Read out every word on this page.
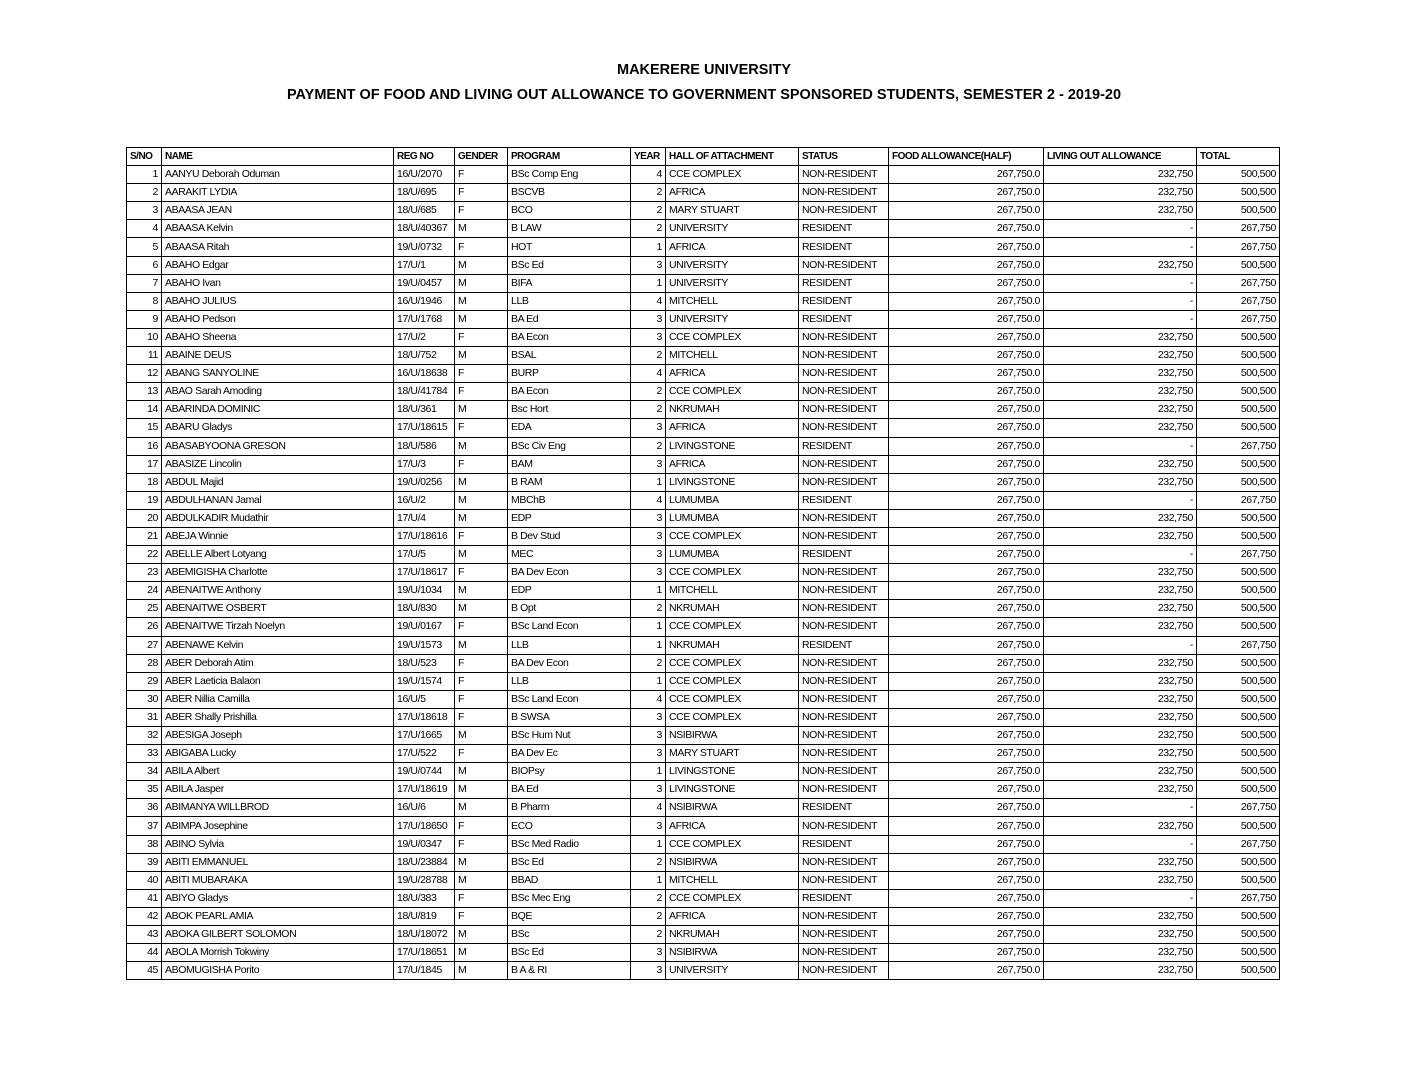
MAKERERE UNIVERSITY
PAYMENT OF FOOD AND LIVING OUT ALLOWANCE TO GOVERNMENT SPONSORED STUDENTS, SEMESTER 2 - 2019-20
S/NO	NAME	REG NO	GENDER	PROGRAM	YEAR	HALL OF ATTACHMENT	STATUS	FOOD ALLOWANCE(HALF)	LIVING OUT ALLOWANCE	TOTAL
1	AANYU Deborah Oduman	16/U/2070	F	BSc Comp Eng	4	CCE COMPLEX	NON-RESIDENT	267,750.0	232,750	500,500
2	AARAKIT LYDIA	18/U/695	F	BSCVB	2	AFRICA	NON-RESIDENT	267,750.0	232,750	500,500
3	ABAASA JEAN	18/U/685	F	BCO	2	MARY STUART	NON-RESIDENT	267,750.0	232,750	500,500
4	ABAASA Kelvin	18/U/40367	M	B LAW	2	UNIVERSITY	RESIDENT	267,750.0	-	267,750
5	ABAASA Ritah	19/U/0732	F	HOT	1	AFRICA	RESIDENT	267,750.0	-	267,750
6	ABAHO Edgar	17/U/1	M	BSc Ed	3	UNIVERSITY	NON-RESIDENT	267,750.0	232,750	500,500
7	ABAHO Ivan	19/U/0457	M	BIFA	1	UNIVERSITY	RESIDENT	267,750.0	-	267,750
8	ABAHO JULIUS	16/U/1946	M	LLB	4	MITCHELL	RESIDENT	267,750.0	-	267,750
9	ABAHO Pedson	17/U/1768	M	BA Ed	3	UNIVERSITY	RESIDENT	267,750.0	-	267,750
10	ABAHO Sheena	17/U/2	F	BA Econ	3	CCE COMPLEX	NON-RESIDENT	267,750.0	232,750	500,500
11	ABAINE DEUS	18/U/752	M	BSAL	2	MITCHELL	NON-RESIDENT	267,750.0	232,750	500,500
12	ABANG SANYOLINE	16/U/18638	F	BURP	4	AFRICA	NON-RESIDENT	267,750.0	232,750	500,500
13	ABAO Sarah Amoding	18/U/41784	F	BA Econ	2	CCE COMPLEX	NON-RESIDENT	267,750.0	232,750	500,500
14	ABARINDA DOMINIC	18/U/361	M	Bsc Hort	2	NKRUMAH	NON-RESIDENT	267,750.0	232,750	500,500
15	ABARU Gladys	17/U/18615	F	EDA	3	AFRICA	NON-RESIDENT	267,750.0	232,750	500,500
16	ABASABYOONA GRESON	18/U/586	M	BSc Civ Eng	2	LIVINGSTONE	RESIDENT	267,750.0	-	267,750
17	ABASIZE Lincolin	17/U/3	F	BAM	3	AFRICA	NON-RESIDENT	267,750.0	232,750	500,500
18	ABDUL Majid	19/U/0256	M	B RAM	1	LIVINGSTONE	NON-RESIDENT	267,750.0	232,750	500,500
19	ABDULHANAN Jamal	16/U/2	M	MBChB	4	LUMUMBA	RESIDENT	267,750.0	-	267,750
20	ABDULKADIR Mudathir	17/U/4	M	EDP	3	LUMUMBA	NON-RESIDENT	267,750.0	232,750	500,500
21	ABEJA Winnie	17/U/18616	F	B Dev Stud	3	CCE COMPLEX	NON-RESIDENT	267,750.0	232,750	500,500
22	ABELLE Albert Lotyang	17/U/5	M	MEC	3	LUMUMBA	RESIDENT	267,750.0	-	267,750
23	ABEMIGISHA Charlotte	17/U/18617	F	BA Dev Econ	3	CCE COMPLEX	NON-RESIDENT	267,750.0	232,750	500,500
24	ABENAITWE Anthony	19/U/1034	M	EDP	1	MITCHELL	NON-RESIDENT	267,750.0	232,750	500,500
25	ABENAITWE OSBERT	18/U/830	M	B Opt	2	NKRUMAH	NON-RESIDENT	267,750.0	232,750	500,500
26	ABENAITWE Tirzah Noelyn	19/U/0167	F	BSc Land Econ	1	CCE COMPLEX	NON-RESIDENT	267,750.0	232,750	500,500
27	ABENAWE Kelvin	19/U/1573	M	LLB	1	NKRUMAH	RESIDENT	267,750.0	-	267,750
28	ABER Deborah Atim	18/U/523	F	BA Dev Econ	2	CCE COMPLEX	NON-RESIDENT	267,750.0	232,750	500,500
29	ABER Laeticia Balaon	19/U/1574	F	LLB	1	CCE COMPLEX	NON-RESIDENT	267,750.0	232,750	500,500
30	ABER Nillia Camilla	16/U/5	F	BSc Land Econ	4	CCE COMPLEX	NON-RESIDENT	267,750.0	232,750	500,500
31	ABER Shally Prishilla	17/U/18618	F	B SWSA	3	CCE COMPLEX	NON-RESIDENT	267,750.0	232,750	500,500
32	ABESIGA Joseph	17/U/1665	M	BSc Hum Nut	3	NSIBIRWA	NON-RESIDENT	267,750.0	232,750	500,500
33	ABIGABA Lucky	17/U/522	F	BA Dev Ec	3	MARY STUART	NON-RESIDENT	267,750.0	232,750	500,500
34	ABILA Albert	19/U/0744	M	BIOPsy	1	LIVINGSTONE	NON-RESIDENT	267,750.0	232,750	500,500
35	ABILA Jasper	17/U/18619	M	BA Ed	3	LIVINGSTONE	NON-RESIDENT	267,750.0	232,750	500,500
36	ABIMANYA WILLBROD	16/U/6	M	B Pharm	4	NSIBIRWA	RESIDENT	267,750.0	-	267,750
37	ABIMPA Josephine	17/U/18650	F	ECO	3	AFRICA	NON-RESIDENT	267,750.0	232,750	500,500
38	ABINO Sylvia	19/U/0347	F	BSc Med Radio	1	CCE COMPLEX	RESIDENT	267,750.0	-	267,750
39	ABITI EMMANUEL	18/U/23884	M	BSc Ed	2	NSIBIRWA	NON-RESIDENT	267,750.0	232,750	500,500
40	ABITI MUBARAKA	19/U/28788	M	BBAD	1	MITCHELL	NON-RESIDENT	267,750.0	232,750	500,500
41	ABIYO Gladys	18/U/383	F	BSc Mec Eng	2	CCE COMPLEX	RESIDENT	267,750.0	-	267,750
42	ABOK PEARL AMIA	18/U/819	F	BQE	2	AFRICA	NON-RESIDENT	267,750.0	232,750	500,500
43	ABOKA GILBERT SOLOMON	18/U/18072	M	BSc	2	NKRUMAH	NON-RESIDENT	267,750.0	232,750	500,500
44	ABOLA Morrish Tokwiny	17/U/18651	M	BSc Ed	3	NSIBIRWA	NON-RESIDENT	267,750.0	232,750	500,500
45	ABOMUGISHA Porito	17/U/1845	M	B A & RI	3	UNIVERSITY	NON-RESIDENT	267,750.0	232,750	500,500
